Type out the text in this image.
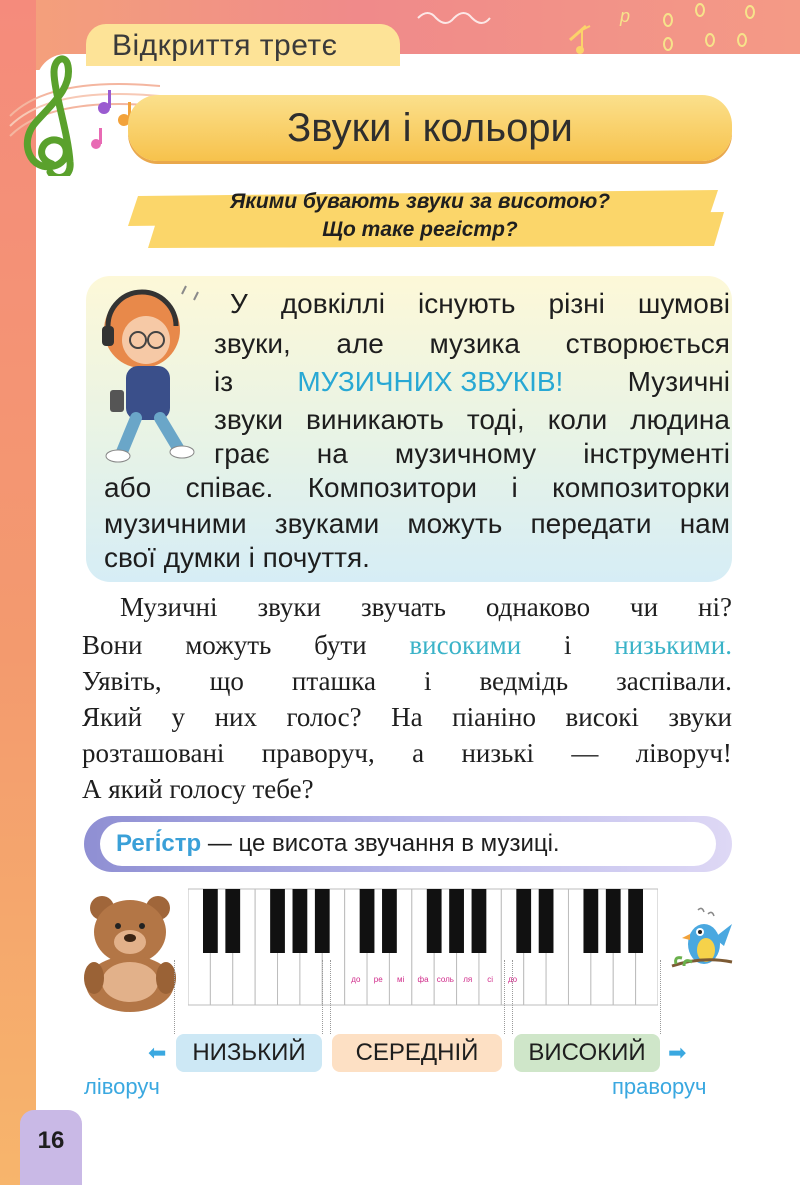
p
Відкриття третє
Звуки і кольори
Якими бувають звуки за висотою?
Що таке регістр?
У довкіллі існують різні шумові
звуки, але музика створюється
із МУЗИЧНИХ ЗВУКІВ! Музичні
звуки виникають тоді, коли людина
грає на музичному інструменті
або співає. Композитори і композиторки
музичними звуками можуть передати нам
свої думки і почуття.
Музичні звуки звучать однаково чи ні?
Вони можуть бути високими і низькими.
Уявіть, що пташка і ведмідь заспівали.
Який у них голос? На піаніно високі звуки
розташовані праворуч, а низькі — ліворуч!
А який голосу тебе?
Регі́стр — це висота звучання в музиці.
до ре мі фа соль ля сі до
⬅	НИЗЬКИЙ	СЕРЕДНІЙ	ВИСОКИЙ	➡
ліворуч	праворуч
16
